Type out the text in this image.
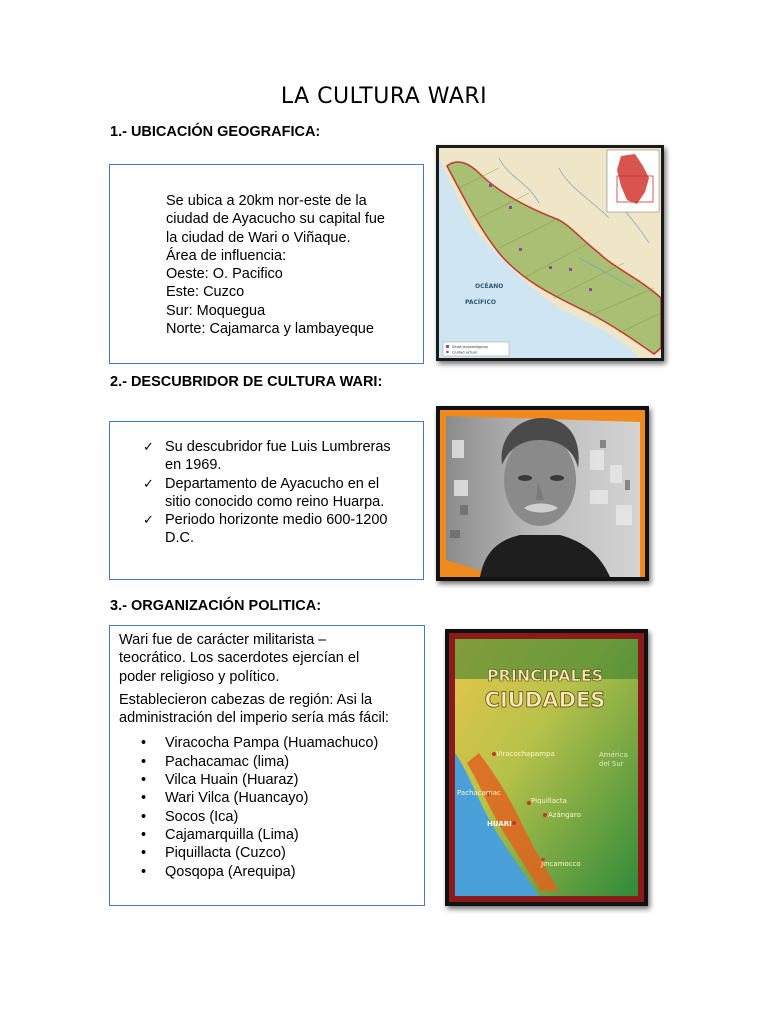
LA CULTURA WARI
1.- UBICACIÓN GEOGRAFICA:

Se ubica a 20km nor-este de la

ciudad de Ayacucho su capital fue

la ciudad de Wari o Viñaque.

Área de influencia:

Oeste: O. Pacifico

Este: Cuzco

Sur: Moquegua

Norte: Cajamarca y lambayeque

OCÉANO
PACÍFICO
Sitios arqueológicos
Ciudad actual
2.- DESCUBRIDOR DE CULTURA WARI:
✓ Su descubridor fue Luis Lumbreras
en 1969.
✓ Departamento de Ayacucho en el
sitio conocido como reino Huarpa.
✓ Periodo horizonte medio 600-1200
D.C.
3.- ORGANIZACIÓN POLITICA:
Wari fue de carácter militarista –
teocrático. Los sacerdotes ejercían el
poder religioso y político.
Establecieron cabezas de región: Asi la
administración del imperio sería más fácil:
• Viracocha Pampa (Huamachuco)
• Pachacamac (lima)
• Vilca Huain (Huaraz)
• Wari Vilca (Huancayo)
• Socos (Ica)
• Cajamarquilla (Lima)
• Piquillacta (Cuzco)
• Qosqopa (Arequipa)
PRINCIPALES
CIUDADES
América
del Sur
Viracochapampa
Pachacamac
Piquillacta
HUARI
Azángaro
Jincamocco
